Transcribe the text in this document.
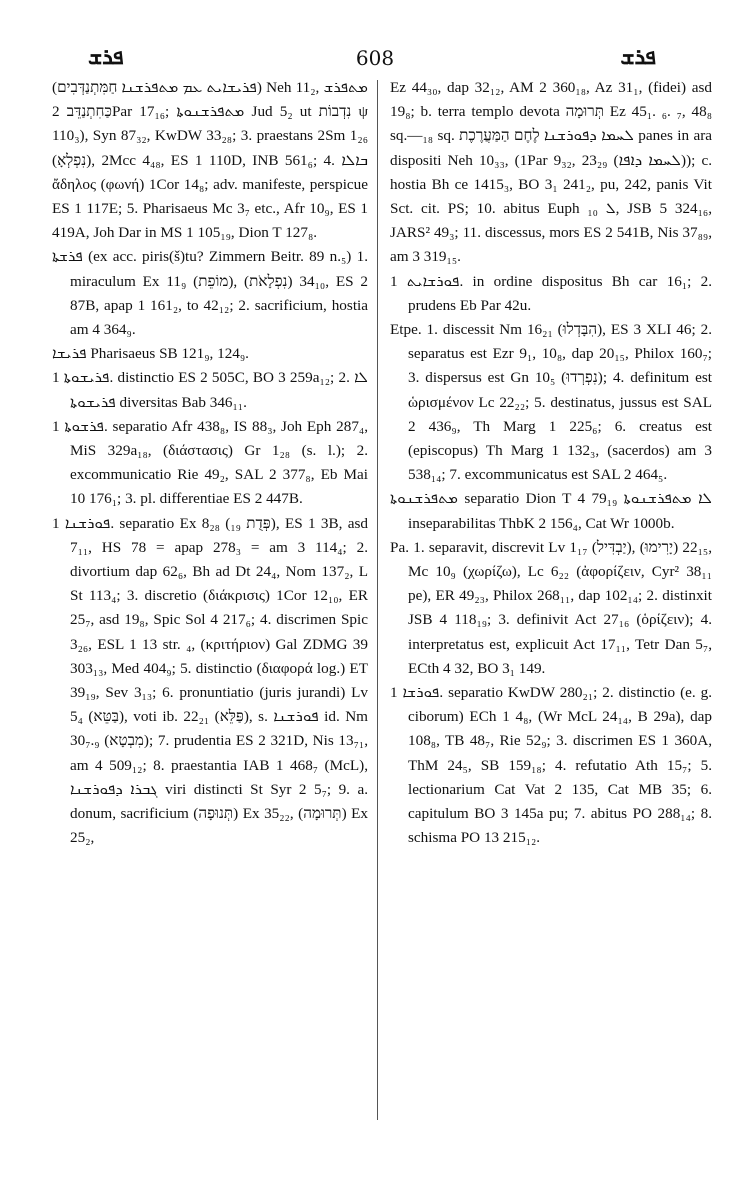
ܦܪܫ	608	ܦܪܫ

(ܦܪܝܫܐܝܬ ܥܡ ܡܬܦܪܫܢܐ חַמִּתְנַדְּבִים) Neh 11₂, ܡܬܦܪܫ כַּחִתְנַדֵּב 2Par 17₁₆; ܡܬܦܪܫܢܘܬܐ Jud 5₂ ut נִדְבוֹת ψ 110₃), Syn 87₃₂, KwDW 33₂₈; 3. praestans 2Sm 1₂₆ (נִפְלְאָ), 2Mcc 4₄₈, ES 1 110D, INB 561₆; 4. ܒܐܠܐ ἄδηλος (φωνή) 1Cor 14₈; adv. manifeste, perspicue ES 1 117E; 5. Pharisaeus Mc 3₇ etc., Afr 10₉, ES 1 419A, Joh Dar in MS 1 105₁₉, Dion T 127₈.

ܦܪܫܬܐ (ex acc. piris(š)tu? Zimmern Beitr. 89 n.₅) 1. miraculum Ex 11₉ (מוֹפֵת), 34₁₀ (נִפְלָאֹת), ES 2 87B, apap 1 161₂, to 42₁₂; 2. sacrificium, hostia am 4 364₉.

ܦܪܝܫܐ Pharisaeus SB 121₉, 124₉.

ܦܪܝܫܘܬܐ 1. distinctio ES 2 505C, BO 3 259a₁₂; 2. ܠܐ ܦܪܝܫܘܬܐ diversitas Bab 346₁₁.

ܦܪܫܘܬܐ 1. separatio Afr 438₈, IS 88₃, Joh Eph 287₄, MiS 329a₁₈, (διάστασις) Gr 1₂₈ (s. l.); 2. excommunicatio Rie 49₂, SAL 2 377₈, Eb Mai 10 176₁; 3. pl. differentiae ES 2 447B.

ܦܘܪܫܢܐ 1. separatio Ex 8₂₈ (₁₉ פְּדֻת), ES 1 3B, asd 7₁₁, HS 78 = apap 278₃ = am 3 114₄; 2. divortium dap 62₆, Bh ad Dt 24₄, Nom 137₂, L St 113₄; 3. discretio (διάκρισις) 1Cor 12₁₀, ER 25₇, asd 19₈, Spic Sol 4 217₆; 4. discrimen Spic 3₂₆, ESL 1 13 str. ₄, (κριτήριον) Gal ZDMG 39 303₁₃, Med 404₉; 5. distinctio (διαφορά log.) ET 39₁₉, Sev 3₁₃; 6. pronuntiatio (juris jurandi) Lv 5₄ (בַּטֵּא), voti ib. 22₂₁ (פַּלֵּא), s. ܦܘܪܫܢܐ id. Nm 30₇.₉ (מִבְטָא); 7. prudentia ES 2 321D, Nis 13₇₁, am 4 509₁₂; 8. praestantia IAB 1 468₇ (McL), ܓܒܪܐ ܕܦܘܪܫܢܐ viri distincti St Syr 2 5₇; 9. a. donum, sacrificium (תְּנוּפָה) Ex 35₂₂, (תְּרוּמָה) Ex 25₂,

Ez 44₃₀, dap 32₁₂, AM 2 360₁₈, Az 31₁, (fidei) asd 19₈; b. terra templo devota תְּרוּמָה Ez 45₁. ₆. ₇, 48₈ sq.—₁₈ sq. ܠܚܡܐ ܕܦܘܪܫܢܐ לֶחֶם הַמַּעֲרֶכֶת panes in ara dispositi Neh 10₃₃, (1Par 9₃₂, 23₂₉ (ܠܚܡܐ ܕܐܦܐ)); c. hostia Bh ce 1415₃, BO 3₁ 241₂, pu, 242, panis Vit Sct. cit. PS; 10. abitus Euph ܠ ₁₀, JSB 5 324₁₆, JARS² 49₃; 11. discessus, mors ES 2 541B, Nis 37₈₉, am 3 319₁₅.

ܦܘܪܫܐܝܬ 1. in ordine dispositus Bh car 16₁; 2. prudens Eb Par 42u.

Etpe. 1. discessit Nm 16₂₁ (הִבָּדְלוּ), ES 3 XLI 46; 2. separatus est Ezr 9₁, 10₈, dap 20₁₅, Philox 160₇; 3. dispersus est Gn 10₅ (נִפְרְדוּ); 4. definitum est ὡρισμένον Lc 22₂₂; 5. destinatus, jussus est SAL 2 436₉, Th Marg 1 225₆; 6. creatus est (episcopus) Th Marg 1 132₃, (sacerdos) am 3 538₁₄; 7. excommunicatus est SAL 2 464₅.

ܡܬܦܪܫܢܘܬܐ separatio Dion T 4 79₁₉ ܠܐ ܡܬܦܪܫܢܘܬܐ inseparabilitas ThbK 2 156₄, Cat Wr 1000b.

Pa. 1. separavit, discrevit Lv 1₁₇ (יַבְדִּיל), 22₁₅ (יָרִימוּ), Mc 10₉ (χωρίζω), Lc 6₂₂ (ἀφορίζειν, Cyr² 38₁₁ pe), ER 49₂₃, Philox 268₁₁, dap 102₁₄; 2. distinxit JSB 4 118₁₉; 3. definivit Act 27₁₆ (ὁρίζειν); 4. interpretatus est, explicuit Act 17₁₁, Tetr Dan 5₇, ECth 4 32, BO 3₁ 149.

ܦܘܪܫܐ 1. separatio KwDW 280₂₁; 2. distinctio (e. g. ciborum) ECh 1 4₈, (Wr McL 24₁₄, B 29a), dap 108₈, TB 48₇, Rie 52₉; 3. discrimen ES 1 360A, ThM 24₅, SB 159₁₈; 4. refutatio Ath 15₇; 5. lectionarium Cat Vat 2 135, Cat MB 35; 6. capitulum BO 3 145a pu; 7. abitus PO 288₁₄; 8. schisma PO 13 215₁₂.
